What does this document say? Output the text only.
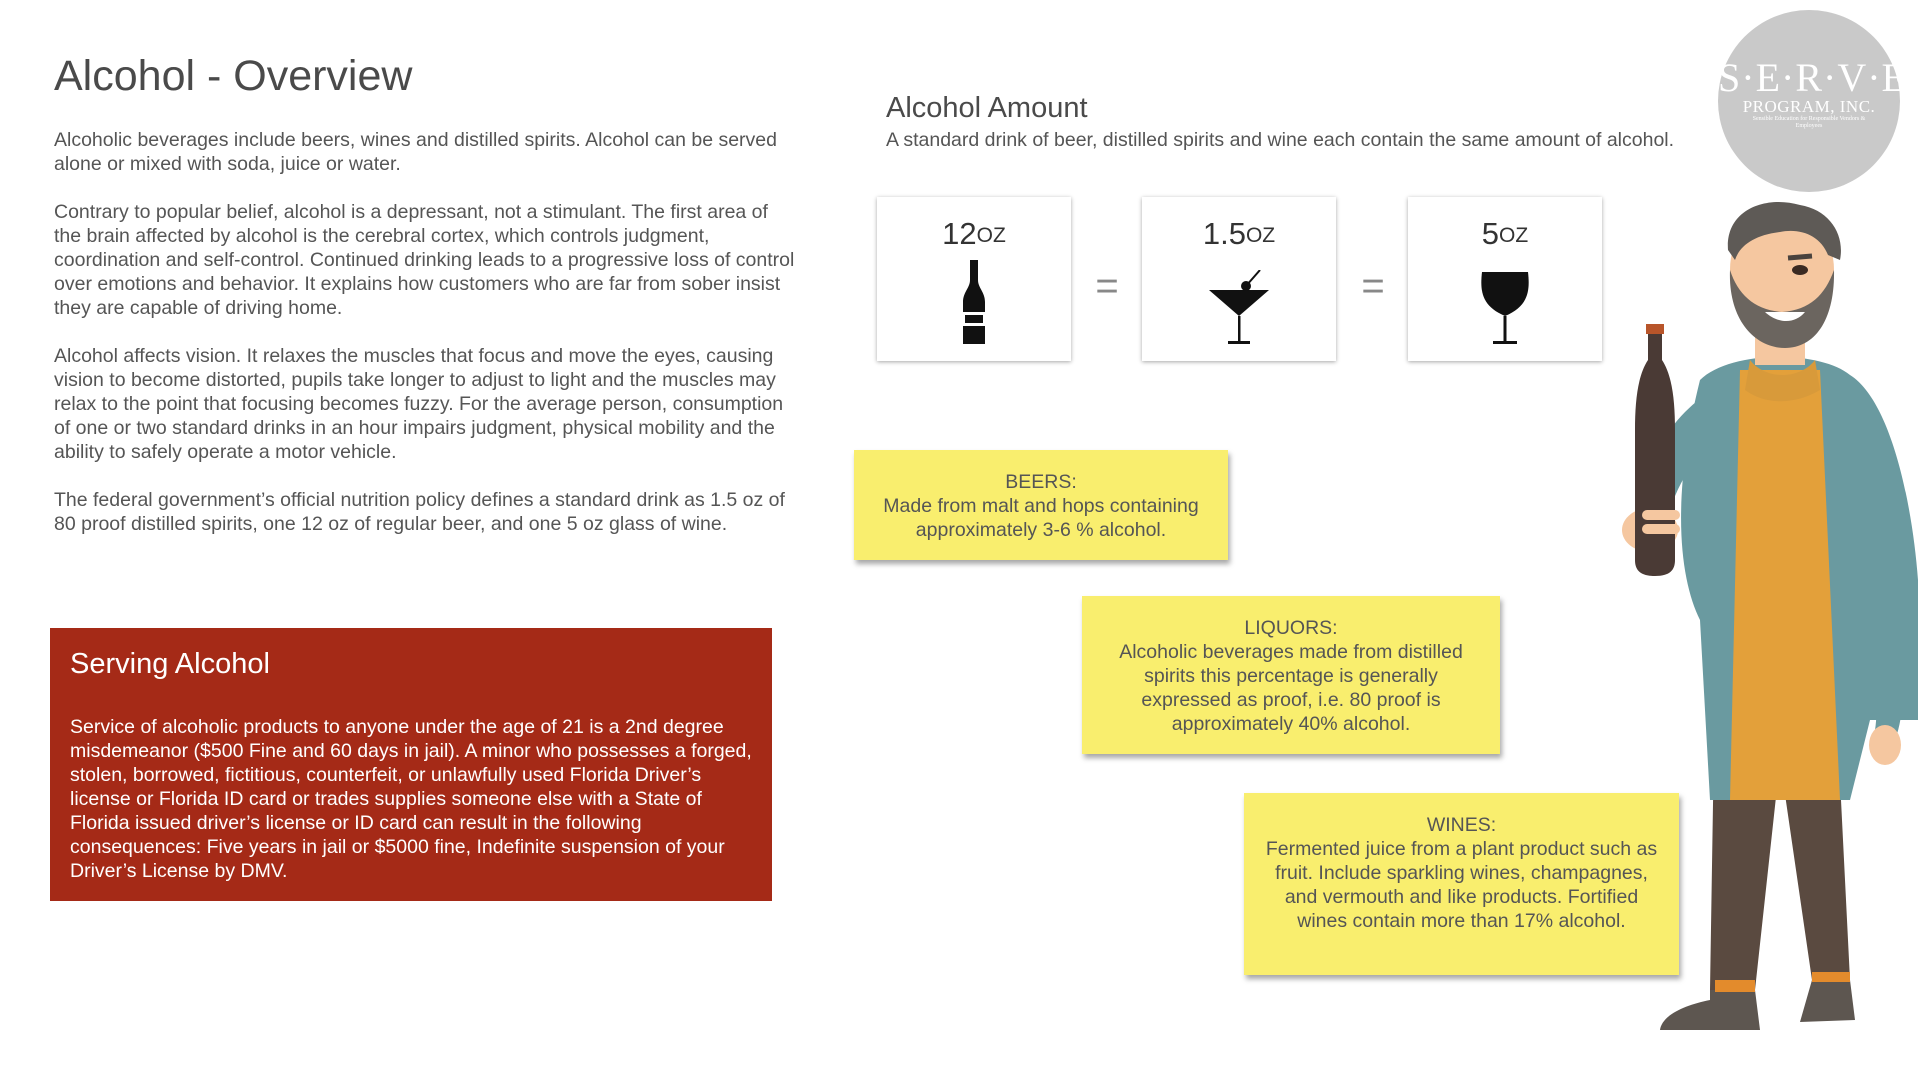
Alcohol - Overview

Alcoholic beverages include beers, wines and distilled spirits. Alcohol can be served alone or mixed with soda, juice or water.

Contrary to popular belief, alcohol is a depressant, not a stimulant. The first area of the brain affected by alcohol is the cerebral cortex, which controls judgment, coordination and self-control. Continued drinking leads to a progressive loss of control over emotions and behavior. It explains how customers who are far from sober insist they are capable of driving home.

Alcohol affects vision. It relaxes the muscles that focus and move the eyes, causing vision to become distorted, pupils take longer to adjust to light and the muscles may relax to the point that focusing becomes fuzzy. For the average person, consumption of one or two standard drinks in an hour impairs judgment, physical mobility and the ability to safely operate a motor vehicle.

The federal government’s official nutrition policy defines a standard drink as 1.5 oz of 80 proof distilled spirits, one 12 oz of regular beer, and one 5 oz glass of wine.

Serving Alcohol

Service of alcoholic products to anyone under the age of 21 is a 2nd degree misdemeanor ($500 Fine and 60 days in jail). A minor who possesses a forged, stolen, borrowed, fictitious, counterfeit, or unlawfully used Florida Driver’s license or Florida ID card or trades supplies someone else with a State of Florida issued driver’s license or ID card can result in the following consequences: Five years in jail or $5000 fine, Indefinite suspension of your Driver’s License by DMV.

Alcohol Amount
A standard drink of beer, distilled spirits and wine each contain the same amount of alcohol.
$12^{OZ}$
=
$1.5^{OZ}$
=
$5^{OZ}$
BEERS:
Made from malt and hops containing approximately 3-6 % alcohol.
LIQUORS:
Alcoholic beverages made from distilled spirits this percentage is generally expressed as proof, i.e. 80 proof is approximately 40% alcohol.
WINES:
Fermented juice from a plant product such as fruit. Include sparkling wines, champagnes, and vermouth and like products. Fortified wines contain more than 17% alcohol.
S·E·R·V·E
PROGRAM, INC.
Sensible Education for Responsible Vendors & Employees
